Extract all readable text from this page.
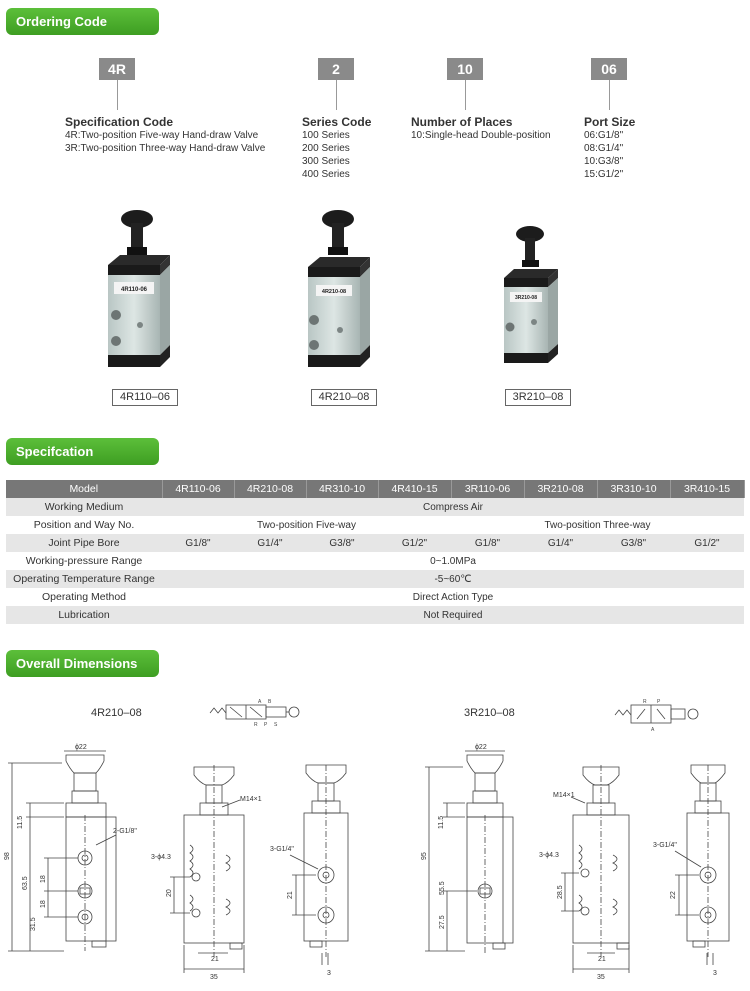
Ordering Code
4R
Specification Code
4R:Two-position Five-way Hand-draw Valve
3R:Two-position Three-way Hand-draw Valve
2
Series Code
100 Series
200 Series
300 Series
400 Series
10
Number of Places
10:Single-head Double-position
06
Port Size
06:G1/8"
08:G1/4"
10:G3/8"
15:G1/2"
4R110-06
4R110–06
4R210-08
4R210–08
3R210-08
3R210–08
Specifcation
Model	4R110-06	4R210-08	4R310-10	4R410-15	3R110-06	3R210-08	3R310-10	3R410-15
Working Medium	Compress Air							
Position and Way No.	Two-position Five-way				Two-position Three-way			
Joint Pipe Bore	G1/8"	G1/4"	G3/8"	G1/2"	G1/8"	G1/4"	G3/8"	G1/2"
Working-pressure Range	0~1.0MPa							
Operating Temperature Range	-5~60℃							
Operating Method	Direct Action Type							
Lubrication	Not Required							
Overall Dimensions
4R210–08	3R210–08
A B
R P S
ϕ22
11.5
98
63.5 18
18
31.5
2-G1/8"
M14×1
3-ϕ4.3
20
21
35
3-G1/4"
21
3
R P
A
ϕ22
11.5
95
55.5
27.5
M14×1
3-ϕ4.3
28.5
21
35
3-G1/4"
22
3
